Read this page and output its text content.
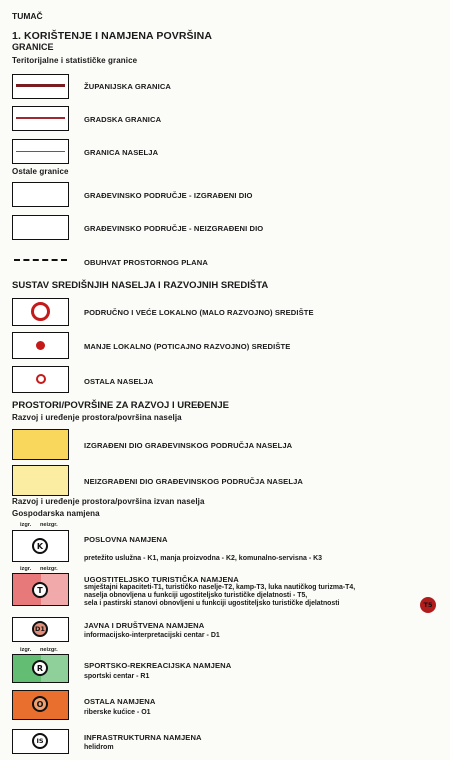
TUMAČ
1. KORIŠTENJE I NAMJENA POVRŠINA
GRANICE
Teritorijalne i statističke granice
ŽUPANIJSKA GRANICA
GRADSKA GRANICA
GRANICA NASELJA
Ostale granice
GRAĐEVINSKO PODRUČJE - IZGRAĐENI DIO
GRAĐEVINSKO PODRUČJE - NEIZGRAĐENI DIO
OBUHVAT PROSTORNOG PLANA
SUSTAV SREDIŠNJIH NASELJA I RAZVOJNIH SREDIŠTA
PODRUČNO I VEĆE LOKALNO (MALO RAZVOJNO) SREDIŠTE
MANJE LOKALNO (POTICAJNO RAZVOJNO) SREDIŠTE
OSTALA NASELJA
PROSTORI/POVRŠINE ZA RAZVOJ I UREĐENJE
Razvoj i uređenje prostora/površina naselja
IZGRAĐENI DIO GRAĐEVINSKOG PODRUČJA NASELJA
NEIZGRAĐENI DIO GRAĐEVINSKOG PODRUČJA NASELJA
Razvoj i uređenje prostora/površina izvan naselja
Gospodarska namjena
izgr. neizgr.
K
POSLOVNA NAMJENA
pretežito uslužna - K1, manja proizvodna - K2, komunalno-servisna - K3
izgr. neizgr.
T
UGOSTITELJSKO TURISTIČKA NAMJENA
smještajni kapaciteti-T1, turističko naselje-T2, kamp-T3, luka nautičkog turizma-T4,
naselja obnovljena u funkciji ugostiteljsko turističke djelatnosti - T5,
sela i pastirski stanovi obnovljeni u funkciji ugostiteljsko turističke djelatnosti	T5
D1	JAVNA I DRUŠTVENA NAMJENA
informacijsko-interpretacijski centar - D1
izgr. neizgr.
R	SPORTSKO-REKREACIJSKA NAMJENA
sportski centar - R1
O	OSTALA NAMJENA
riberske kućice - O1
IS	INFRASTRUKTURNA NAMJENA
helidrom
